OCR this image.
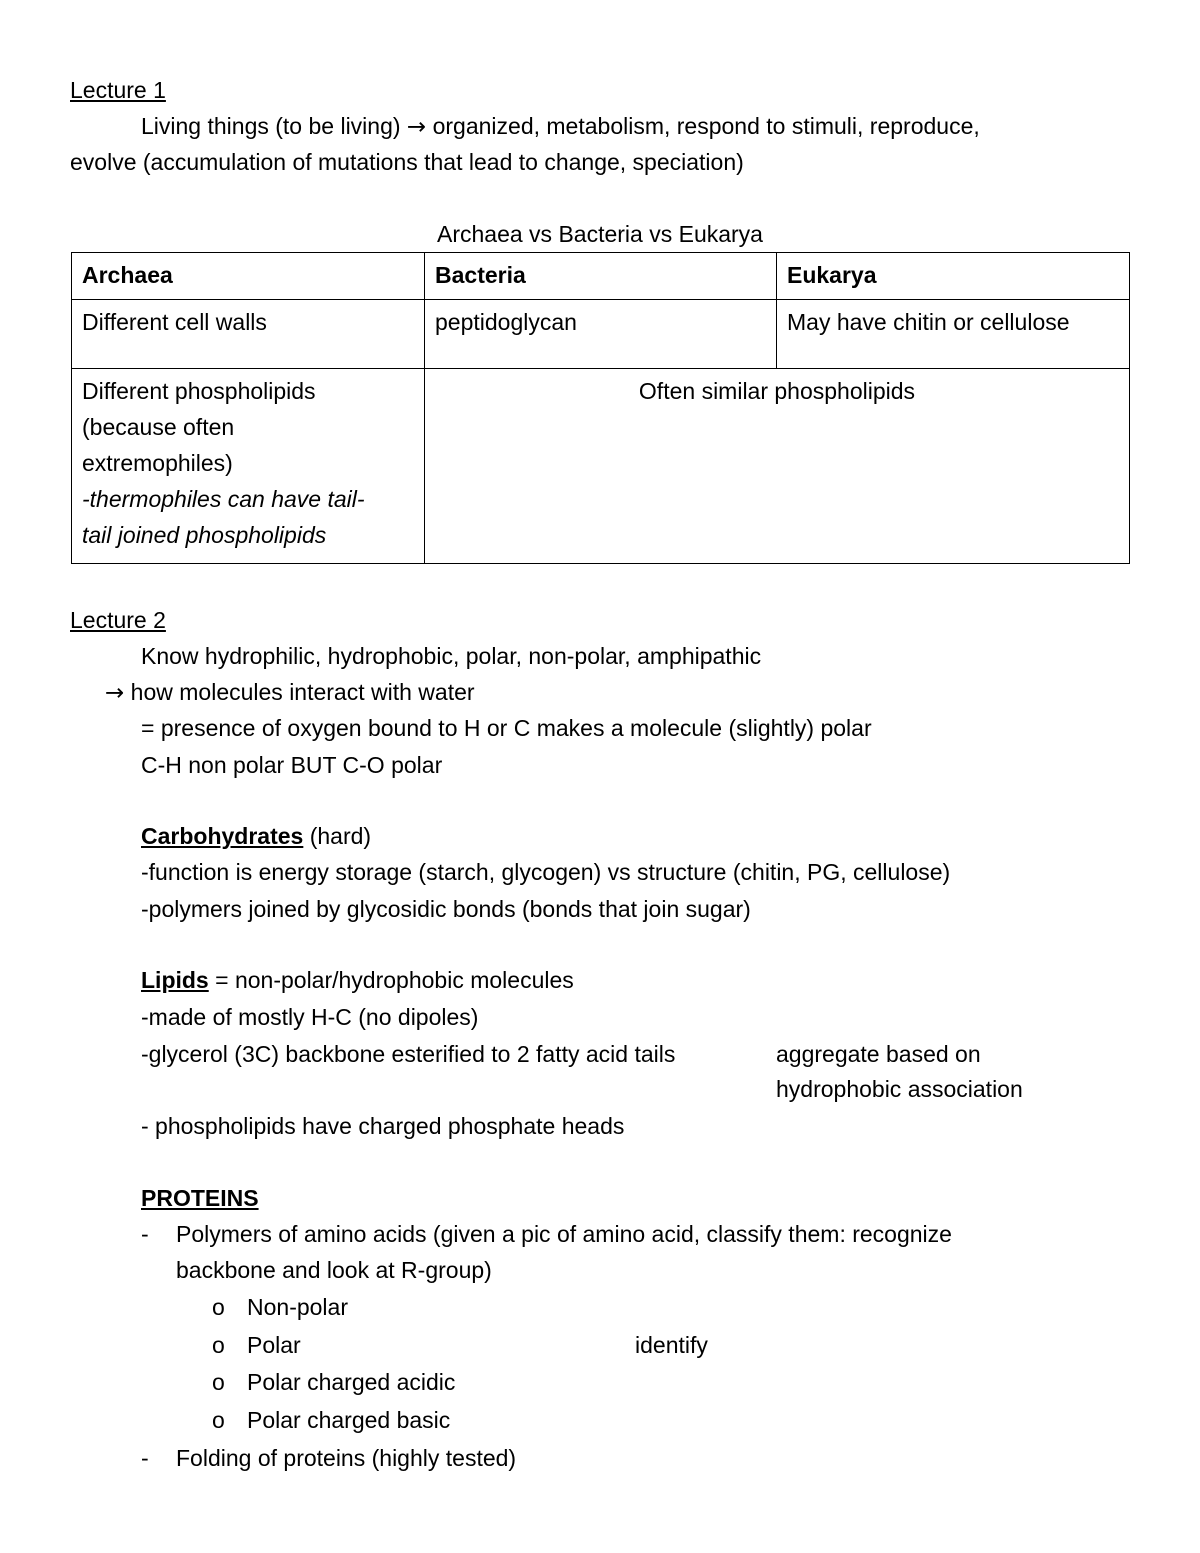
Lecture 1
Living things (to be living) → organized, metabolism, respond to stimuli, reproduce,
evolve (accumulation of mutations that lead to change, speciation)
Archaea vs Bacteria vs Eukarya
Archaea	Bacteria	Eukarya
Different cell walls	peptidoglycan	May have chitin or cellulose

Different phospholipids
(because often
extremophiles)
-thermophiles can have tail-
tail joined phospholipids	Often similar phospholipids	
Lecture 2
Know hydrophilic, hydrophobic, polar, non-polar, amphipathic
→ how molecules interact with water
= presence of oxygen bound to H or C makes a molecule (slightly) polar
C-H non polar BUT C-O polar
Carbohydrates (hard)
-function is energy storage (starch, glycogen) vs structure (chitin, PG, cellulose)
-polymers joined by glycosidic bonds (bonds that join sugar)
Lipids = non-polar/hydrophobic molecules
-made of mostly H-C (no dipoles)
-glycerol (3C) backbone esterified to 2 fatty acid tails	aggregate based on
hydrophobic association
- phospholipids have charged phosphate heads
PROTEINS
- Polymers of amino acids (given a pic of amino acid, classify them: recognize
backbone and look at R-group)
o Non-polar
o Polar	identify
o Polar charged acidic
o Polar charged basic
- Folding of proteins (highly tested)
